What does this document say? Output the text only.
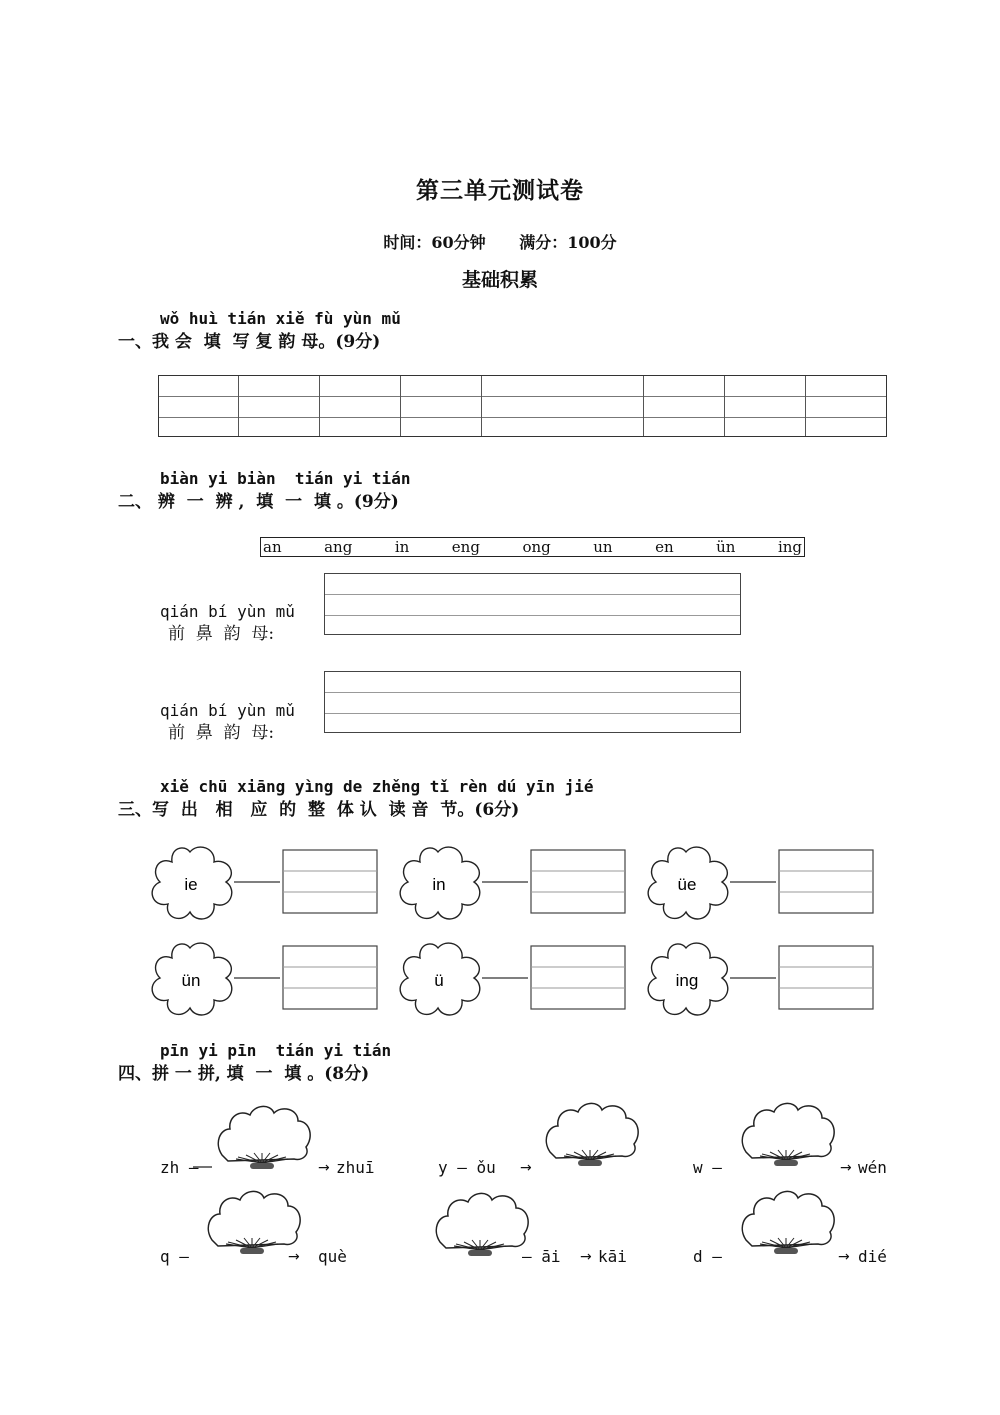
第三单元测试卷
时间：60分钟 满分：100分
基础积累
wǒ huì tián xiě fù yùn mǔ
一、我 会  填  写 复 韵 母。(9分)
biàn yi biàn  tián yi tián
二、 辨  一  辨 ,  填  一  填 。(9分)
an	ang	in	eng	ong	un	en	ün	ing
qián bí yùn mǔ
前  鼻  韵  母:
qián bí yùn mǔ
前  鼻  韵  母:
xiě chū xiāng yìng de zhěng tǐ rèn dú yīn jié
三、写  出   相   应  的  整  体 认  读 音  节。(6分)
pīn yi pīn  tián yi tián
四、拼 一 拼, 填  一  填 。(8分)
zh —	zhuī
→	y — ǒu →	w —	→ wén
q —	→ què	— āi → kāi	d —	→ dié
ie	in	üe
ün	ü	ing
